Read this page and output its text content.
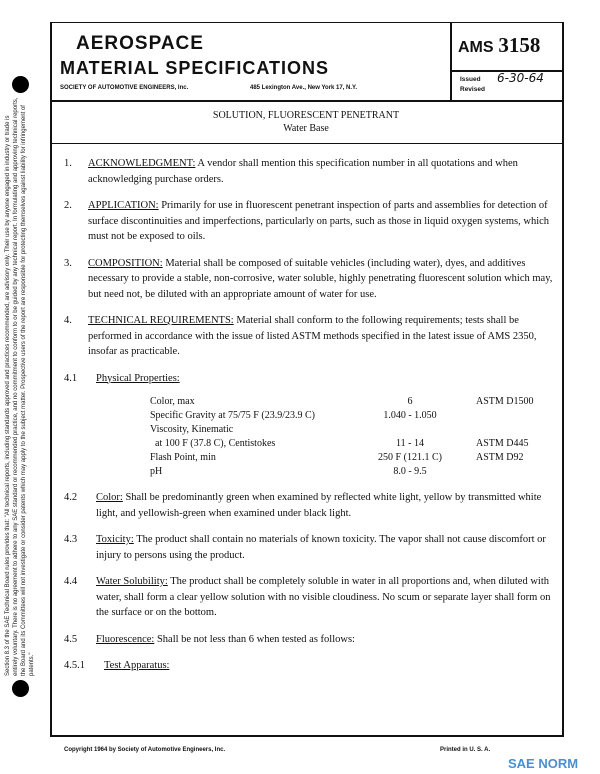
Section 8.3 of the SAE Technical Board rules provides that: "All technical reports, including standards approved and practices recommended, are advisory only. Their use by anyone engaged in industry or trade is entirely voluntary. There is no agreement to adhere to any SAE standard or recommended practice, and no commitment to conform to or be guided by any technical report. In formulating and approving technical reports, the Board and its Committees will not investigate or consider patents which may apply to the subject matter. Prospective users of the report are responsible for protecting themselves against liability for infringement of patents."
AEROSPACE
MATERIAL SPECIFICATIONS
SOCIETY OF AUTOMOTIVE ENGINEERS, Inc.	485 Lexington Ave., New York 17, N.Y.
AMS 3158
Issued
Revised
6-30-64
SOLUTION, FLUORESCENT PENETRANT
Water Base
1. ACKNOWLEDGMENT: A vendor shall mention this specification number in all quotations and when acknowledging purchase orders.
2. APPLICATION: Primarily for use in fluorescent penetrant inspection of parts and assemblies for detection of surface discontinuities and imperfections, particularly on parts, such as those in liquid oxygen systems, which must not be exposed to oils.
3. COMPOSITION: Material shall be composed of suitable vehicles (including water), dyes, and additives necessary to provide a stable, non-corrosive, water soluble, highly penetrating fluorescent solution which may, but need not, be diluted with an appropriate amount of water for use.
4. TECHNICAL REQUIREMENTS: Material shall conform to the following requirements; tests shall be performed in accordance with the issue of listed ASTM methods specified in the latest issue of AMS 2350, insofar as practicable.
4.1 Physical Properties:
Color, max	6	ASTM D1500
Specific Gravity at 75/75 F (23.9/23.9 C)	1.040 - 1.050
Viscosity, Kinematic
at 100 F (37.8 C), Centistokes	11 - 14	ASTM D445
Flash Point, min	250 F (121.1 C)	ASTM D92
pH	8.0 - 9.5
4.2 Color: Shall be predominantly green when examined by reflected white light, yellow by transmitted white light, and yellowish-green when examined under black light.
4.3 Toxicity: The product shall contain no materials of known toxicity. The vapor shall not cause discomfort or injury to persons using the product.
4.4 Water Solubility: The product shall be completely soluble in water in all proportions and, when diluted with water, shall form a clear yellow solution with no visible cloudiness. No scum or separate layer shall form on the surface or on the bottom.
4.5 Fluorescence: Shall be not less than 6 when tested as follows:
4.5.1 Test Apparatus:
Copyright 1964 by Society of Automotive Engineers, Inc.	Printed in U. S. A.
SAE NORM
